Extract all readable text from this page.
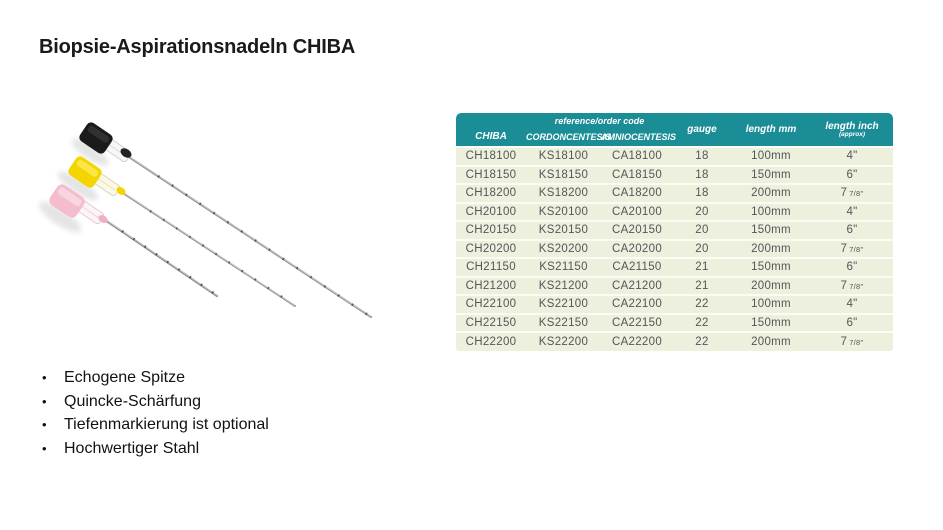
Biopsie-Aspirationsnadeln CHIBA
CHIBA
reference/order code
CORDONCENTESIS
AMNIOCENTESIS
gauge	length mm	length inch
(approx)
CH18100	KS18100	CA18100	18	100mm	4"
CH18150	KS18150	CA18150	18	150mm	6"
CH18200	KS18200	CA18200	18	200mm	7 7/8"
CH20100	KS20100	CA20100	20	100mm	4"
CH20150	KS20150	CA20150	20	150mm	6"
CH20200	KS20200	CA20200	20	200mm	7 7/8"
CH21150	KS21150	CA21150	21	150mm	6"
CH21200	KS21200	CA21200	21	200mm	7 7/8"
CH22100	KS22100	CA22100	22	100mm	4"
CH22150	KS22150	CA22150	22	150mm	6"
CH22200	KS22200	CA22200	22	200mm	7 7/8"
•	Echogene Spitze
•	Quincke-Schärfung
•	Tiefenmarkierung ist optional
•	Hochwertiger Stahl
